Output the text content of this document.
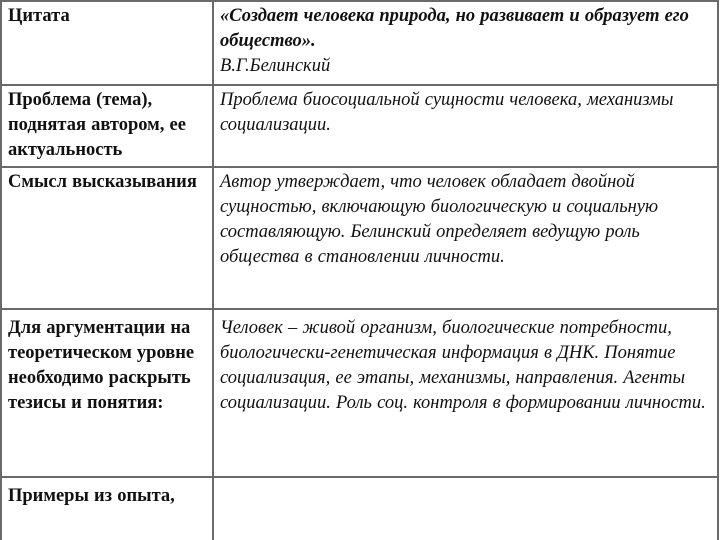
Цитата	«Создает человека природа, но развивает и образует его общество».
В.Г.Белинский

Проблема (тема), поднятая автором, ее актуальность	Проблема биосоциальной сущности человека, механизмы социализации.
Смысл высказывания	Автор утверждает, что человек обладает двойной сущностью, включающую биологическую и социальную составляющую. Белинский определяет ведущую роль общества в становлении личности.
Для аргументации на теоретическом уровне необходимо раскрыть тезисы и понятия:	Человек – живой организм, биологические потребности, биологически-генетическая информация в ДНК. Понятие социализация, ее этапы, механизмы, направления. Агенты социализации. Роль соц. контроля в формировании личности.
Примеры из опыта,	
